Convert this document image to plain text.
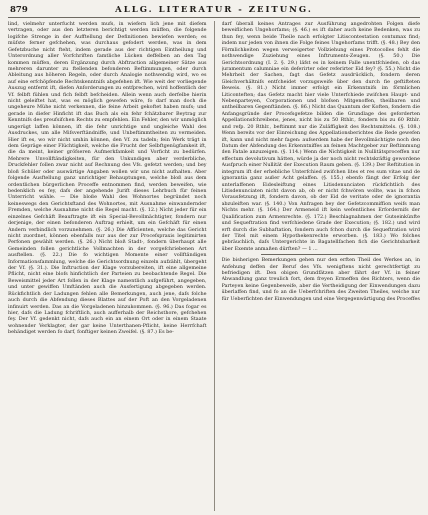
879	ALLG. LITERATUR - ZEITUNG.

lind, vielmehr unterfucht werden mufs, in wiefern lich jene mit diefem vertragen, oder aus den letzteren berichtigt werden müffen, die folgende logifche Strenge in der Aufftellung der Definitionen bewiefen werden; es müfste ferner gefchehen, was durchaus gefodert werden, was in dem Gefetzbuche nicht fteht, indem gerade aus der richtigen Eintheilung und Unterordnung aller Vorfchriften famtliche Lücken deffelben an den Tag kommen müffen, deren Ergänzung durch Abftraction allgemeiner Sätze aus mehreren darunter zu ftellenden befonderen Beftimmungen, oder durch Ableitung aus höheren Regeln, oder durch Analogie nothwendig wird, wo es auf eine erfchöpfende Rechtskenntnifs abgefehen ift. Wie weit der vorliegende Auszug entfernt ift, diefen Anforderungen zu entfprechen, wird hoffentlich der Vf. felbft fühlen und fich felbft befcheiden. Allein wenn auch derfelbe hierin nicht geleiftet hat, was es möglich gewefen wäre, fo darf man doch die ungeheure Mühe nicht verkennen, die feine Arbeit gekoftet haben mufs; und gerade in diefer Hinficht ift das Buch als ein fehr fchätzbarer Beytrag zur Kenntnifs des preufsifchen Rechts zu empfehlen. Ein Fehler, den wir unmöglich ungerügt laffen können, ift die fehr unrichtige und ungleiche Wahl des Ausdruckes, um alle Mifsverftändniffe, und Unbeftimmtheiten zu vermeiden. Hier ift es, wo wir nicht umhin können, den Vf. zu tadeln; fein Werk trägt in dem Gepräge einer Flüchtigkeit, welche die Frucht der Selbftgenügfamkeit ift, die da meint, keiner gröfseren Aufmerkfamkeit und Vorficht zu bedürfen. Mehrere Unvollftändigkeiten, für den Unkundigen aber verderbliche, Druckfehler follen zwar nicht auf Rechnung des Vfs. gefetzt werden; und bey bloß Schüler oder auswärtige Angaben wollen wir uns nicht aufhalten. Aber folgende Ausftellung ganz unrichtiger Behauptungen, welche bloß aus dem ordentlichen bürgerlichen Proceffe entnommen find, werden beweifen, wie bedenklich es fey, dafs der angehende Jurift dieses Lehrbuch für feinen Unterricht wähle. — Die bloße Wahl des Wohnortes begründet noch keineswegs den Gerichtsftand des Wohnortes, mit Ausnahme einwandernder Fremden, welche Ausnahme nicht die Regel macht. (§. 12.) Nicht jeder für ein einzelnes Gefchäft Beauftragte ift ein Special-Bevollmächtigter, fondern nur derjenige, der einen befonderen Auftrag erhielt, um ein Gefchäft für einen Andern verbindlich vorzunehmen. (§. 26.) Die Afficienten, welche das Gericht nicht zuordnet, können ebenfalls nur aus der zur Procefspraxis legitimirten Perfonen gewählt werden. (§. 26.) Nicht bloß Stadt-, fondern überhaupt alle Gemeinden follen gerichtliche Vollmachten in der vorgefchriebenen Art ausftellen. (§. 22.) Die fo wichtigen Momente einer vollftändigen Informationsfammlung, welche die Gerichtsordnung einzeln aufzählt, übergeht der Vf. (§. 31.). Die Inftruction der Klage vorzubereiten, ift eine allgemeine Pflicht, nicht eine blofs hinfichtlich der Parteien zu beobachtende Regel. Die Beweismittel jeder Art follen in der Klage namentlich aufgeführt, angegeben, und unter gewiffen Umftänden auch die Ausfertigung abgegeben werden. Rückfichtlich der Ladungen fehlen alle Bemerkungen, auch jene, dafs folche auch durch die Abfendung dieses Blattes auf der Poft an den Vorgeladenen infinuirt werden. Das an die Vorgeladenen hinzukommen. (§. 96.) Das fogar es hier, dafs die Ladung fchriftlich, auch aufferhalb der Reichsthore, gefchehen fey. Der Vf. gedenkt nicht, dafs auch ein an einem Ort oder in einem Staate wohnender Verklagter, der gar keine Unterthanen-Pflicht, keine Herrfchaft behändiget werden fo darf, fonftiger keinen Zweifel. (§. 87.) Es be-

darf überall keines Antrages zur Ausführung angedrohten Folgen diefe beweiflichen Ungehorfams; (§. 46.) es ift daher auch keine Bedenken, was zu thun fey, wenn beide Theile nach erfolgter Litiscontestation contumax find; indem nur jeden von ihnen die Folge feines Ungehorfams trifft. (§. 48.) Bey den Förmlichkeiten wegen verweigerter Vollziehung eines Protocolles fehlt die nothwendige Zuziehung eines Inftruments-Zeugen. (§. 50.) Die Gerichtsordnung (I. 2. §. 29.) läfst es in keinem Falle unentfchieden, ob das juramentum calumniae ein deferirter oder referirter Eid fey? (§. 55.) Nicht die Mehrheit der Sachen, fagt das Gefetz ausdrücklich, fondern deren Gleichverhältnifs entfcheidet vorzugsweife über den durch fie geftifteten Beweis. (§. 81.) Nicht immer erfolgt ein Erkenntnifs im förmlichen Liticonteften; das Gefetz macht hier viele Unterfchiede zwifchen Haupt- und Nebenparteyen, Corporationen und blofsen Mitgenoffen, theilbaren und untheilbaren Gegenftänden. (§. 86.) Nicht das Quantum der Koften, fondern die Anfangsgründe der Procefsgefetze bilden die Grundlage des geforderten Appellationsfchreibens, jenes, nicht bis zu 50 Rthlr., fondern bis zu 60 Rthlr. und refp. 20 Rthlr., beftimmt nur die Zuläffigkeit des Rechtsmittels. (§. 108.) Wenn bereits vor der Einreichung des Appellationsberichtes die Rede gewefen ift, kann und nicht mehr fagen: aufserdem habe der Bevollmächtigte noch den Datum der Abfendung des Erkenntniffes an feinen Machtgeber zur Beftimmung den Fatale anzuzeigen. (§. 114.) Wenn die Nichtigkeit in Nullitätsproceffen nur effectum devolutivum hätten, würde ja der noch nicht rechtskräftig gewordene Ausfpruch einer Nullität der Execution Raum geben. (§. 139.) Der Reftitution in integrum ift der erhebliche Unterfchied zwifchen lites et res sum vitae und de ignorantia ganz außer Acht gelaffen. (§. 155.) ebenfo fängt der Erfolg der unterlaffenen Eidesleiftung eines Litisdenunciaten rückfichtlich des Litisdenunciaten nicht davon ab, ob er nicht fchwören wollte, was in fchon Vorausfetzung ift, fondern davon, ob der Eid de veritate oder de ignorantia abzuleiften war. (§. 140.) Von Anfragen bey der Gefetzcommiffion weifs man Nichts mehr. (§. 164.) Der Armeneid ift kein wefentliches Erfordernifs der Qualification zum Armenrechte. (§. 172.) Beschlagnahmen der Gutseinkünfte und Sequeftration find verfchiedene Grade der Execution; (§. 182.) und wird erft durch die Subhaftation, fondern auch fchon durch die Sequeftration wird der Titel mit einem Hypothekenrechte erworben. (§. 183.) Wo folches gebräuchlich, dafs Untergerichte in Bagatellfachen fich die Gerichtsbarkeit über Exemte anmaßen dürften? — 1 ...

Die bisherigen Bemerkungen gehen nur den erften Theil des Werkes an, in Anfehung deffen der Beruf des Vfs. wenigftens nicht gerechtfertigt zu befriedigen ift. Den obigen Grundfätzen aber fährt der Vf. in feiner Abwandlung ganz treulich fort, dem freyen Ermeffen des Richters, wenn die Parteyen keine Gegenbeweife, aber die Vertheidigung der Einwendungen dazu überlaffen find, und fo an die Ueberfchriften des Zweiten Theiles, welche nur für Ueberfichten der Einwendungen und eine Vergegenwärtigung des Proceffes
